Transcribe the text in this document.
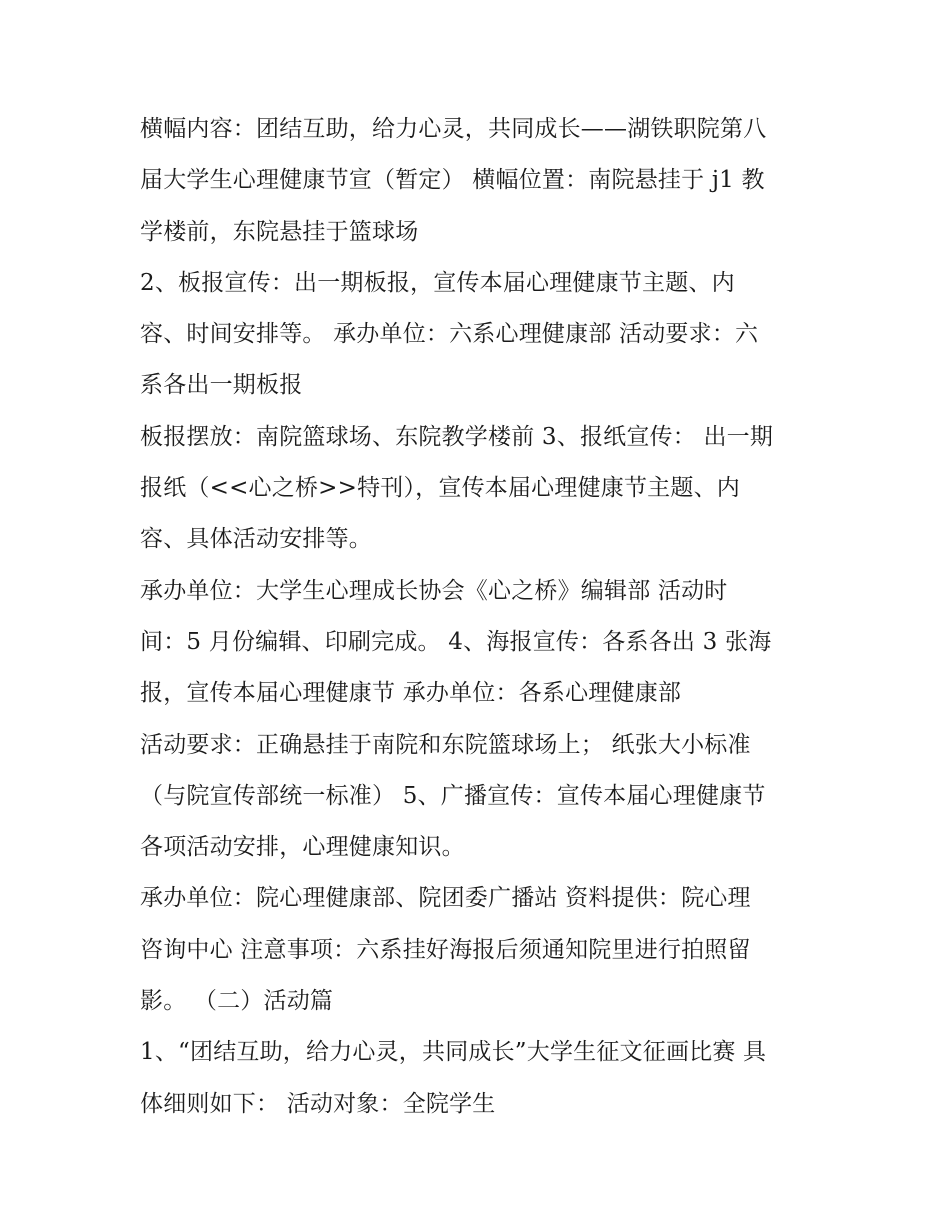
横幅内容：团结互助，给力心灵，共同成长——湖铁职院第八
届大学生心理健康节宣（暂定） 横幅位置：南院悬挂于 j1 教
学楼前，东院悬挂于篮球场
2、板报宣传：出一期板报，宣传本届心理健康节主题、内
容、时间安排等。 承办单位：六系心理健康部 活动要求：六
系各出一期板报
板报摆放：南院篮球场、东院教学楼前 3、报纸宣传： 出一期
报纸（<<心之桥>>特刊），宣传本届心理健康节主题、内
容、具体活动安排等。
承办单位：大学生心理成长协会《心之桥》编辑部 活动时
间：5 月份编辑、印刷完成。 4、海报宣传：各系各出 3 张海
报，宣传本届心理健康节 承办单位：各系心理健康部
活动要求：正确悬挂于南院和东院篮球场上； 纸张大小标准
（与院宣传部统一标准） 5、广播宣传：宣传本届心理健康节
各项活动安排，心理健康知识。
承办单位：院心理健康部、院团委广播站 资料提供：院心理
咨询中心 注意事项：六系挂好海报后须通知院里进行拍照留
影。 （二）活动篇
1、“团结互助，给力心灵，共同成长”大学生征文征画比赛 具
体细则如下： 活动对象：全院学生
